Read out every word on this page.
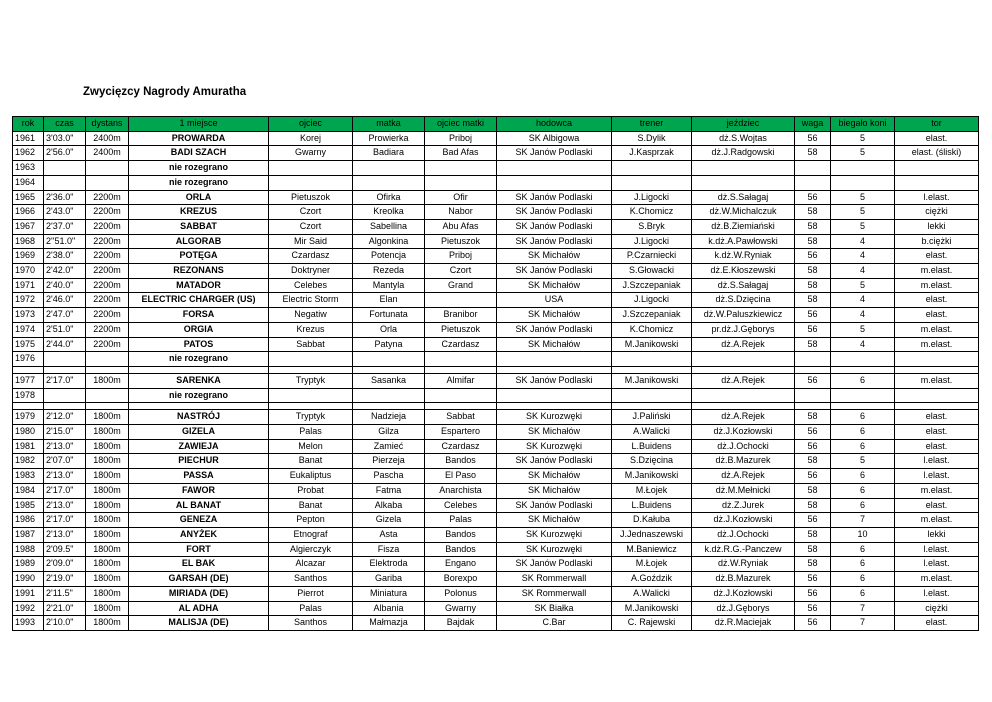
Zwycięzcy Nagrody Amuratha
rok	czas	dystans	1 miejsce	ojciec	matka	ojciec matki	hodowca	trener	jeździec	waga	biegało koni	tor
1961	3'03.0"	2400m	PROWARDA	Korej	Prowierka	Priboj	SK Albigowa	S.Dylik	dż.S.Wojtas	56	5	elast.
1962	2'56.0"	2400m	BADI SZACH	Gwarny	Badiara	Bad Afas	SK Janów Podlaski	J.Kasprzak	dż.J.Radgowski	58	5	elast. (śliski)
1963			nie rozegrano									
1964			nie rozegrano									
1965	2'36.0"	2200m	ORLA	Pietuszok	Ofirka	Ofir	SK Janów Podlaski	J.Ligocki	dż.S.Sałagaj	56	5	l.elast.
1966	2'43.0"	2200m	KREZUS	Czort	Kreolka	Nabor	SK Janów Podlaski	K.Chomicz	dż.W.Michalczuk	58	5	ciężki
1967	2'37.0"	2200m	SABBAT	Czort	Sabellina	Abu Afas	SK Janów Podlaski	S.Bryk	dż.B.Ziemiański	58	5	lekki
1968	2''51.0"	2200m	ALGORAB	Mir Said	Algonkina	Pietuszok	SK Janów Podlaski	J.Ligocki	k.dż.A.Pawłowski	58	4	b.ciężki
1969	2'38.0"	2200m	POTĘGA	Czardasz	Potencja	Priboj	SK Michałów	P.Czarniecki	k.dż.W.Ryniak	56	4	elast.
1970	2'42.0"	2200m	REZONANS	Doktryner	Rezeda	Czort	SK Janów Podlaski	S.Głowacki	dż.E.Kłoszewski	58	4	m.elast.
1971	2'40.0"	2200m	MATADOR	Celebes	Mantyla	Grand	SK Michałów	J.Szczepaniak	dż.S.Sałagaj	58	5	m.elast.
1972	2'46.0"	2200m	ELECTRIC CHARGER (US)	Electric Storm	Elan		USA	J.Ligocki	dż.S.Dzięcina	58	4	elast.
1973	2'47.0"	2200m	FORSA	Negatiw	Fortunata	Branibor	SK Michałów	J.Szczepaniak	dż.W.Paluszkiewicz	56	4	elast.
1974	2'51.0"	2200m	ORGIA	Krezus	Orla	Pietuszok	SK Janów Podlaski	K.Chomicz	pr.dż.J.Gęborys	56	5	m.elast.
1975	2'44.0"	2200m	PATOS	Sabbat	Patyna	Czardasz	SK Michałów	M.Janikowski	dż.A.Rejek	58	4	m.elast.
1976			nie rozegrano									

1977	2'17.0"	1800m	SARENKA	Tryptyk	Sasanka	Almifar	SK Janów Podlaski	M.Janikowski	dż.A.Rejek	56	6	m.elast.
1978			nie rozegrano									

1979	2'12.0"	1800m	NASTRÓJ	Tryptyk	Nadzieja	Sabbat	SK Kurozwęki	J.Paliński	dż.A.Rejek	58	6	elast.
1980	2'15.0"	1800m	GIZELA	Palas	Gilza	Espartero	SK Michałów	A.Walicki	dż.J.Kozłowski	56	6	elast.
1981	2'13.0"	1800m	ZAWIEJA	Melon	Zamieć	Czardasz	SK Kurozwęki	L.Buidens	dż.J.Ochocki	56	6	elast.
1982	2'07.0"	1800m	PIECHUR	Banat	Pierzeja	Bandos	SK Janów Podlaski	S.Dzięcina	dż.B.Mazurek	58	5	l.elast.
1983	2'13.0"	1800m	PASSA	Eukaliptus	Pascha	El Paso	SK Michałów	M.Janikowski	dż.A.Rejek	56	6	l.elast.
1984	2'17.0"	1800m	FAWOR	Probat	Fatma	Anarchista	SK Michałów	M.Łojek	dż.M.Mełnicki	58	6	m.elast.
1985	2'13.0"	1800m	AL BANAT	Banat	Alkaba	Celebes	SK Janów Podlaski	L.Buidens	dż.Z.Jurek	58	6	elast.
1986	2'17.0"	1800m	GENEZA	Pepton	Gizela	Palas	SK Michałów	D.Kałuba	dż.J.Kozłowski	56	7	m.elast.
1987	2'13.0"	1800m	ANYŻEK	Etnograf	Asta	Bandos	SK Kurozwęki	J.Jednaszewski	dż.J.Ochocki	58	10	lekki
1988	2'09.5"	1800m	FORT	Algierczyk	Fisza	Bandos	SK Kurozwęki	M.Baniewicz	k.dż.R.G.-Panczew	58	6	l.elast.
1989	2'09.0"	1800m	EL BAK	Alcazar	Elektroda	Engano	SK Janów Podlaski	M.Łojek	dż.W.Ryniak	58	6	l.elast.
1990	2'19.0"	1800m	GARSAH (DE)	Santhos	Gariba	Borexpo	SK Rommerwall	A.Goździk	dż.B.Mazurek	56	6	m.elast.
1991	2'11.5"	1800m	MIRIADA (DE)	Pierrot	Miniatura	Polonus	SK Rommerwall	A.Walicki	dż.J.Kozłowski	56	6	l.elast.
1992	2'21.0"	1800m	AL ADHA	Palas	Albania	Gwarny	SK Białka	M.Janikowski	dż.J.Gęborys	56	7	ciężki
1993	2'10.0"	1800m	MALISJA (DE)	Santhos	Małmazja	Bajdak	C.Bar	C. Rajewski	dż.R.Maciejak	56	7	elast.
